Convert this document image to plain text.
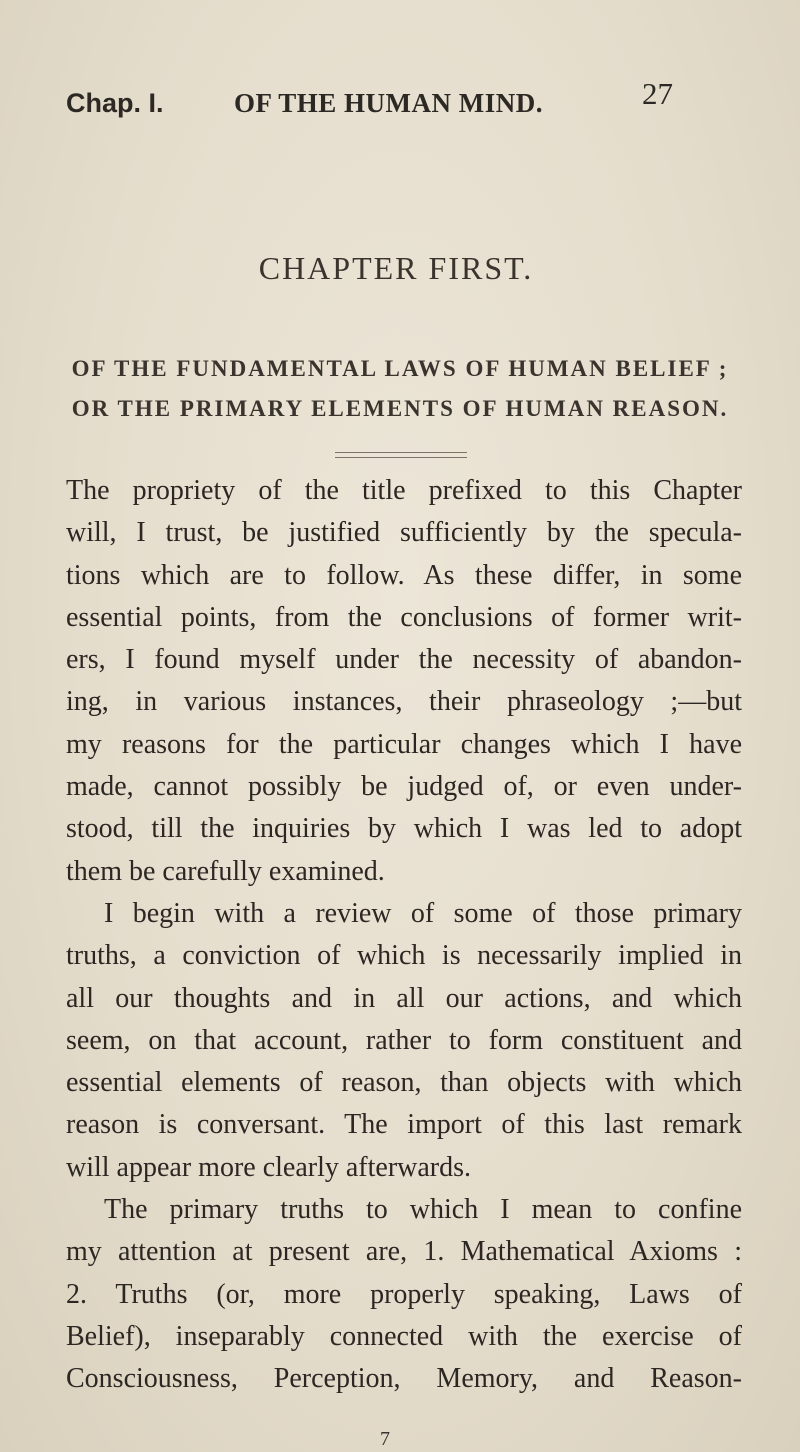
Chap. I.	OF THE HUMAN MIND.	27
CHAPTER FIRST.
OF THE FUNDAMENTAL LAWS OF HUMAN BELIEF ;
OR THE PRIMARY ELEMENTS OF HUMAN REASON.
The propriety of the title prefixed to this Chapter
will, I trust, be justified sufficiently by the specula-
tions which are to follow. As these differ, in some
essential points, from the conclusions of former writ-
ers, I found myself under the necessity of abandon-
ing, in various instances, their phraseology ;—but
my reasons for the particular changes which I have
made, cannot possibly be judged of, or even under-
stood, till the inquiries by which I was led to adopt
them be carefully examined.
I begin with a review of some of those primary
truths, a conviction of which is necessarily implied in
all our thoughts and in all our actions, and which
seem, on that account, rather to form constituent and
essential elements of reason, than objects with which
reason is conversant. The import of this last remark
will appear more clearly afterwards.
The primary truths to which I mean to confine
my attention at present are, 1. Mathematical Axioms :
2. Truths (or, more properly speaking, Laws of
Belief), inseparably connected with the exercise of
Consciousness, Perception, Memory, and Reason-
7
